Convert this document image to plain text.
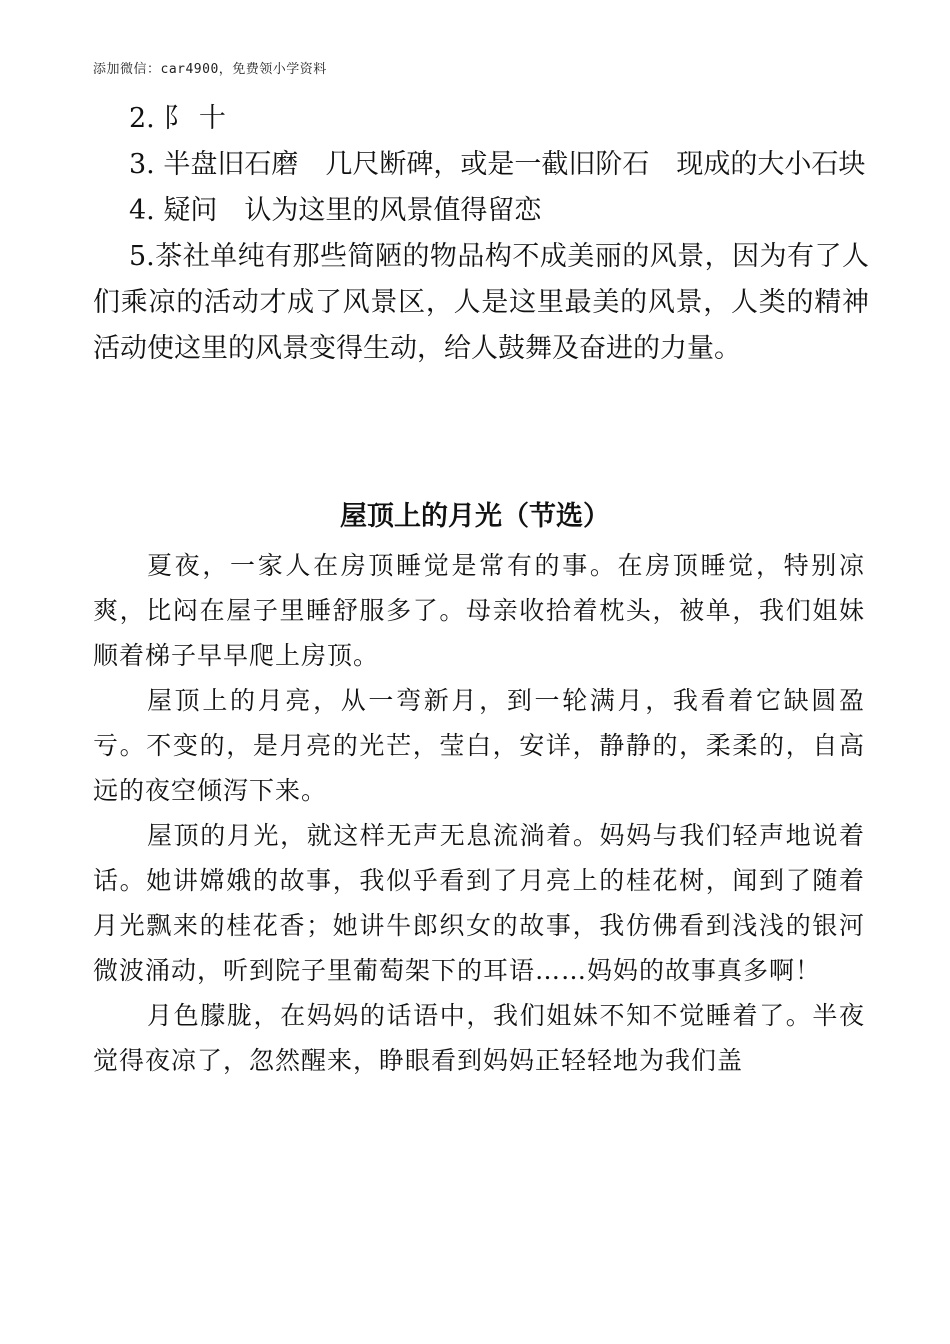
添加微信：car4900，免费领小学资料

2. 阝 十

3. 半盘旧石磨　几尺断碑，或是一截旧阶石　现成的大小石块

4. 疑问　认为这里的风景值得留恋

5.茶社单纯有那些简陋的物品构不成美丽的风景，因为有了人们乘凉的活动才成了风景区，人是这里最美的风景，人类的精神活动使这里的风景变得生动，给人鼓舞及奋进的力量。

屋顶上的月光（节选）

夏夜，一家人在房顶睡觉是常有的事。在房顶睡觉，特别凉爽，比闷在屋子里睡舒服多了。母亲收拾着枕头，被单，我们姐妹顺着梯子早早爬上房顶。

屋顶上的月亮，从一弯新月，到一轮满月，我看着它缺圆盈亏。不变的，是月亮的光芒，莹白，安详，静静的，柔柔的，自高远的夜空倾泻下来。

屋顶的月光，就这样无声无息流淌着。妈妈与我们轻声地说着话。她讲嫦娥的故事，我似乎看到了月亮上的桂花树，闻到了随着月光飘来的桂花香；她讲牛郎织女的故事，我仿佛看到浅浅的银河微波涌动，听到院子里葡萄架下的耳语……妈妈的故事真多啊！

月色朦胧，在妈妈的话语中，我们姐妹不知不觉睡着了。半夜觉得夜凉了，忽然醒来，睁眼看到妈妈正轻轻地为我们盖
